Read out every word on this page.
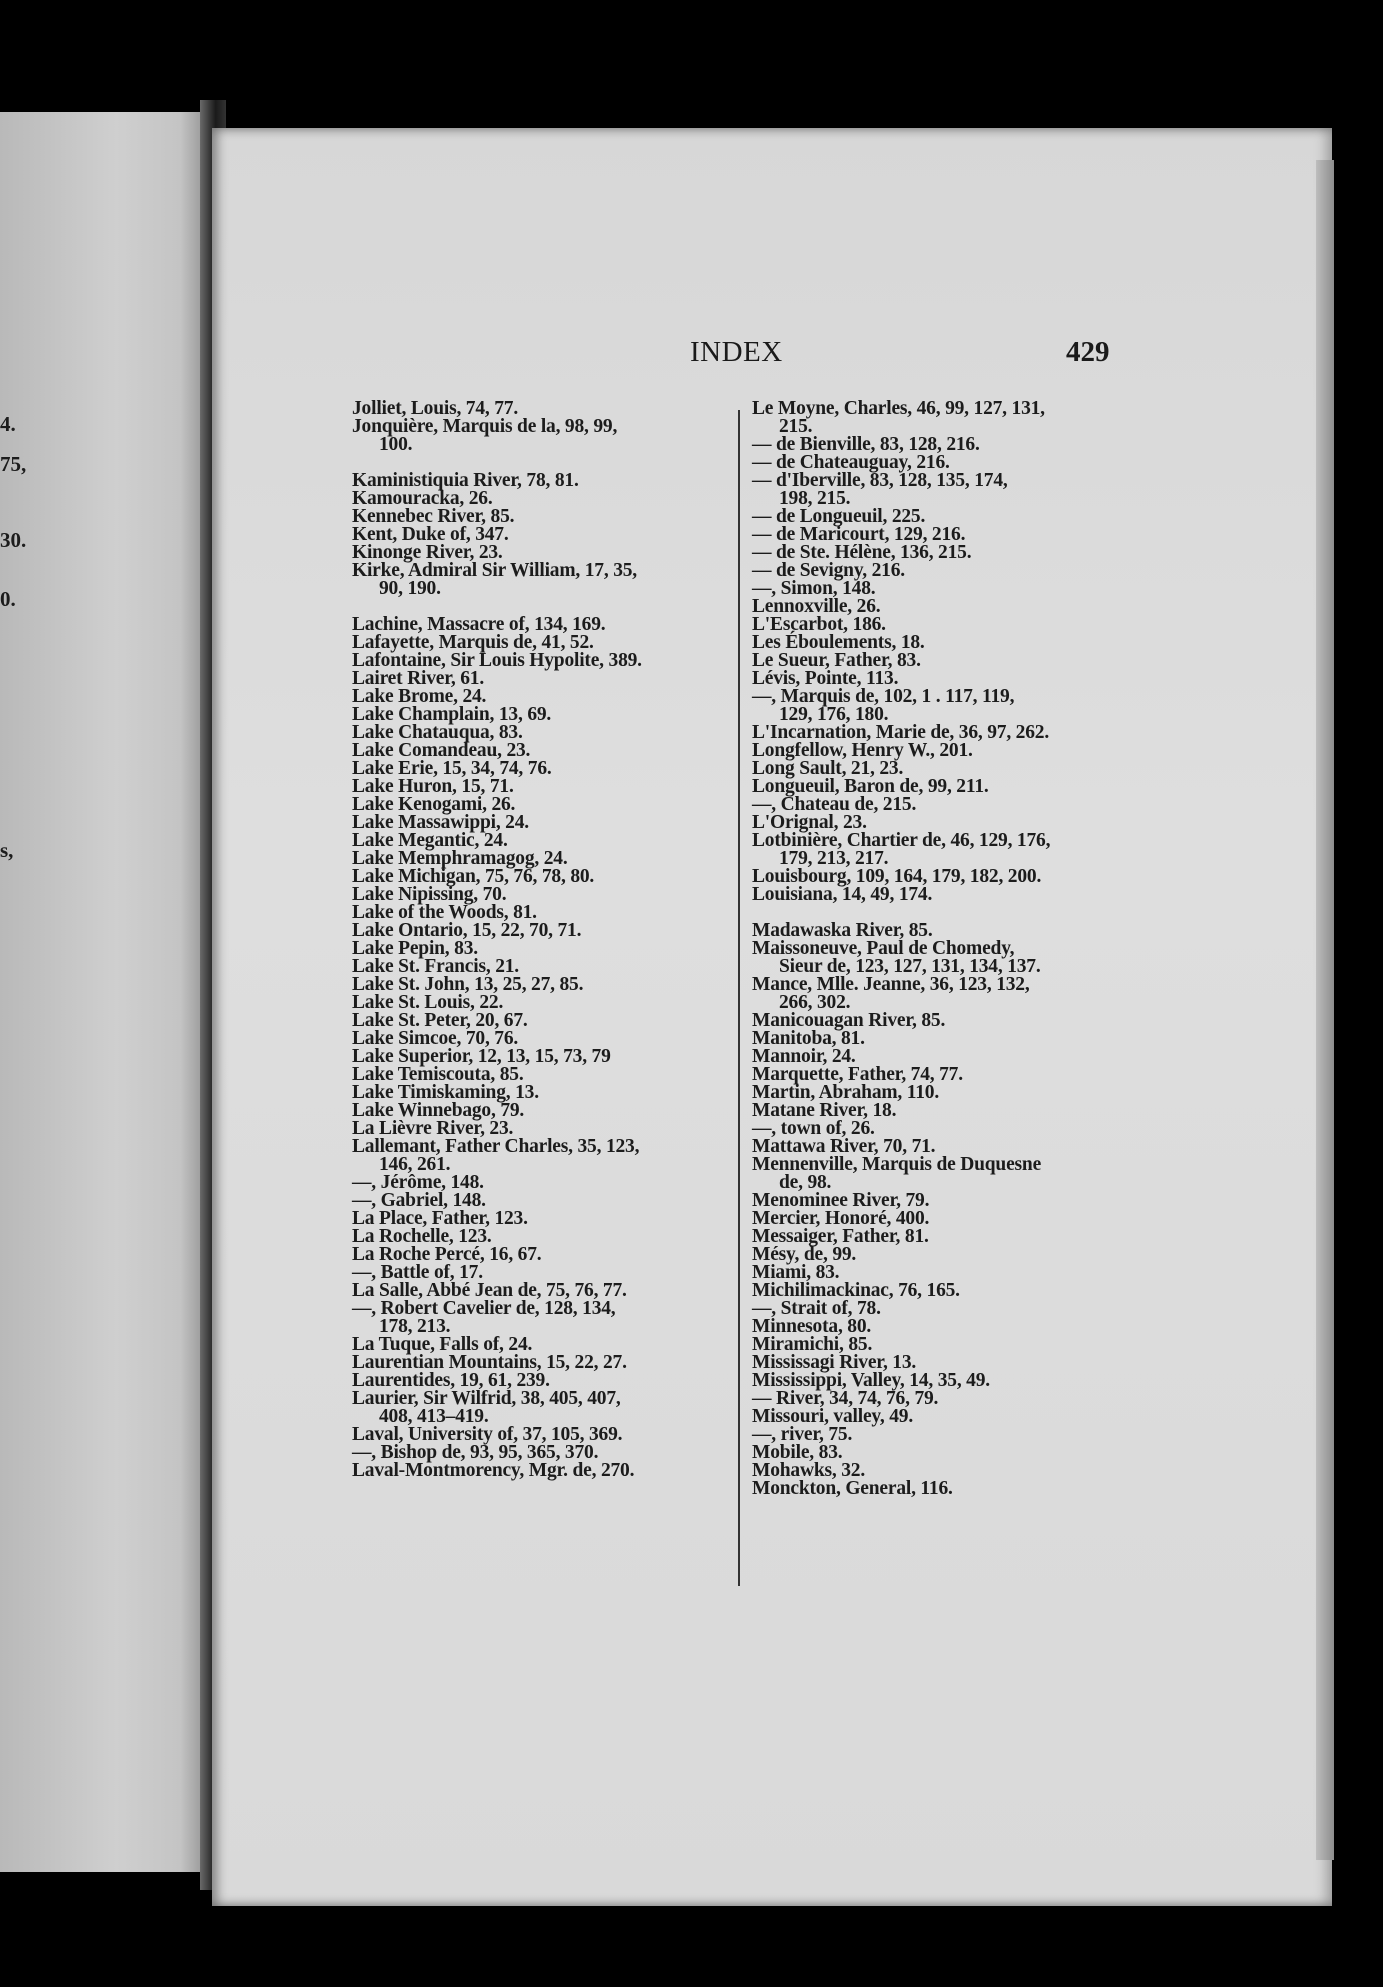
4.
75,
30.
0.
s,
INDEX	429
Jolliet, Louis, 74, 77.
Jonquière, Marquis de la, 98, 99,
100.
Kaministiquia River, 78, 81.
Kamouracka, 26.
Kennebec River, 85.
Kent, Duke of, 347.
Kinonge River, 23.
Kirke, Admiral Sir William, 17, 35,
90, 190.
Lachine, Massacre of, 134, 169.
Lafayette, Marquis de, 41, 52.
Lafontaine, Sir Louis Hypolite, 389.
Lairet River, 61.
Lake Brome, 24.
Lake Champlain, 13, 69.
Lake Chatauqua, 83.
Lake Comandeau, 23.
Lake Erie, 15, 34, 74, 76.
Lake Huron, 15, 71.
Lake Kenogami, 26.
Lake Massawippi, 24.
Lake Megantic, 24.
Lake Memphramagog, 24.
Lake Michigan, 75, 76, 78, 80.
Lake Nipissing, 70.
Lake of the Woods, 81.
Lake Ontario, 15, 22, 70, 71.
Lake Pepin, 83.
Lake St. Francis, 21.
Lake St. John, 13, 25, 27, 85.
Lake St. Louis, 22.
Lake St. Peter, 20, 67.
Lake Simcoe, 70, 76.
Lake Superior, 12, 13, 15, 73, 79
Lake Temiscouta, 85.
Lake Timiskaming, 13.
Lake Winnebago, 79.
La Lièvre River, 23.
Lallemant, Father Charles, 35, 123,
146, 261.
—, Jérôme, 148.
—, Gabriel, 148.
La Place, Father, 123.
La Rochelle, 123.
La Roche Percé, 16, 67.
—, Battle of, 17.
La Salle, Abbé Jean de, 75, 76, 77.
—, Robert Cavelier de, 128, 134,
178, 213.
La Tuque, Falls of, 24.
Laurentian Mountains, 15, 22, 27.
Laurentides, 19, 61, 239.
Laurier, Sir Wilfrid, 38, 405, 407,
408, 413–419.
Laval, University of, 37, 105, 369.
—, Bishop de, 93, 95, 365, 370.
Laval-Montmorency, Mgr. de, 270.
Le Moyne, Charles, 46, 99, 127, 131,
215.
— de Bienville, 83, 128, 216.
— de Chateauguay, 216.
— d'Iberville, 83, 128, 135, 174,
198, 215.
— de Longueuil, 225.
— de Maricourt, 129, 216.
— de Ste. Hélène, 136, 215.
— de Sevigny, 216.
—, Simon, 148.
Lennoxville, 26.
L'Escarbot, 186.
Les Éboulements, 18.
Le Sueur, Father, 83.
Lévis, Pointe, 113.
—, Marquis de, 102, 1 . 117, 119,
129, 176, 180.
L'Incarnation, Marie de, 36, 97, 262.
Longfellow, Henry W., 201.
Long Sault, 21, 23.
Longueuil, Baron de, 99, 211.
—, Chateau de, 215.
L'Orignal, 23.
Lotbinière, Chartier de, 46, 129, 176,
179, 213, 217.
Louisbourg, 109, 164, 179, 182, 200.
Louisiana, 14, 49, 174.
Madawaska River, 85.
Maissoneuve, Paul de Chomedy,
Sieur de, 123, 127, 131, 134, 137.
Mance, Mlle. Jeanne, 36, 123, 132,
266, 302.
Manicouagan River, 85.
Manitoba, 81.
Mannoir, 24.
Marquette, Father, 74, 77.
Martin, Abraham, 110.
Matane River, 18.
—, town of, 26.
Mattawa River, 70, 71.
Mennenville, Marquis de Duquesne
de, 98.
Menominee River, 79.
Mercier, Honoré, 400.
Messaiger, Father, 81.
Mésy, de, 99.
Miami, 83.
Michilimackinac, 76, 165.
—, Strait of, 78.
Minnesota, 80.
Miramichi, 85.
Mississagi River, 13.
Mississippi, Valley, 14, 35, 49.
— River, 34, 74, 76, 79.
Missouri, valley, 49.
—, river, 75.
Mobile, 83.
Mohawks, 32.
Monckton, General, 116.
